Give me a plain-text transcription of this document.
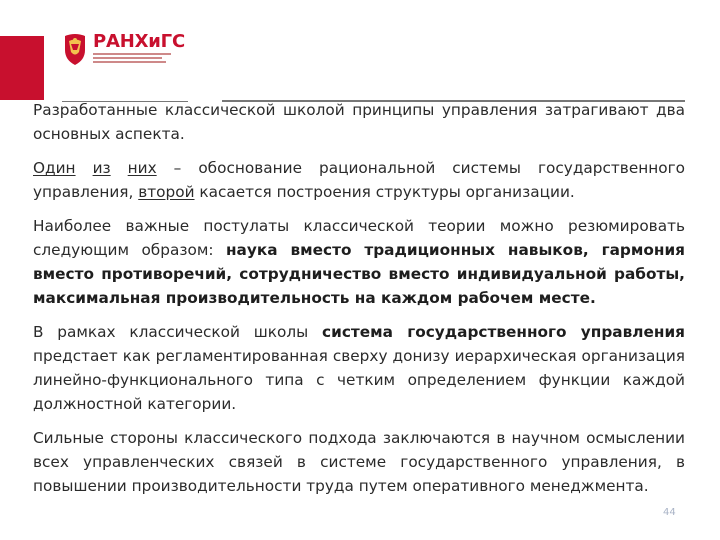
РАНХиГС

Разработанные классической школой принципы управления затрагивают два основных аспекта.

Один из них – обоснование рациональной системы государственного управления, второй касается построения структуры организации.

Наиболее важные постулаты классической теории можно резюмировать следующим образом: наука вместо традиционных навыков, гармония вместо противоречий, сотрудничество вместо индивидуальной работы, максимальная производительность на каждом рабочем месте.

В рамках классической школы система государственного управления предстает как регламентированная сверху донизу иерархическая организация линейно-функционального типа с четким определением функции каждой должностной категории.

Сильные стороны классического подхода заключаются в научном осмыслении всех управленческих связей в системе государственного управления, в повышении производительности труда путем оперативного менеджмента.

44
